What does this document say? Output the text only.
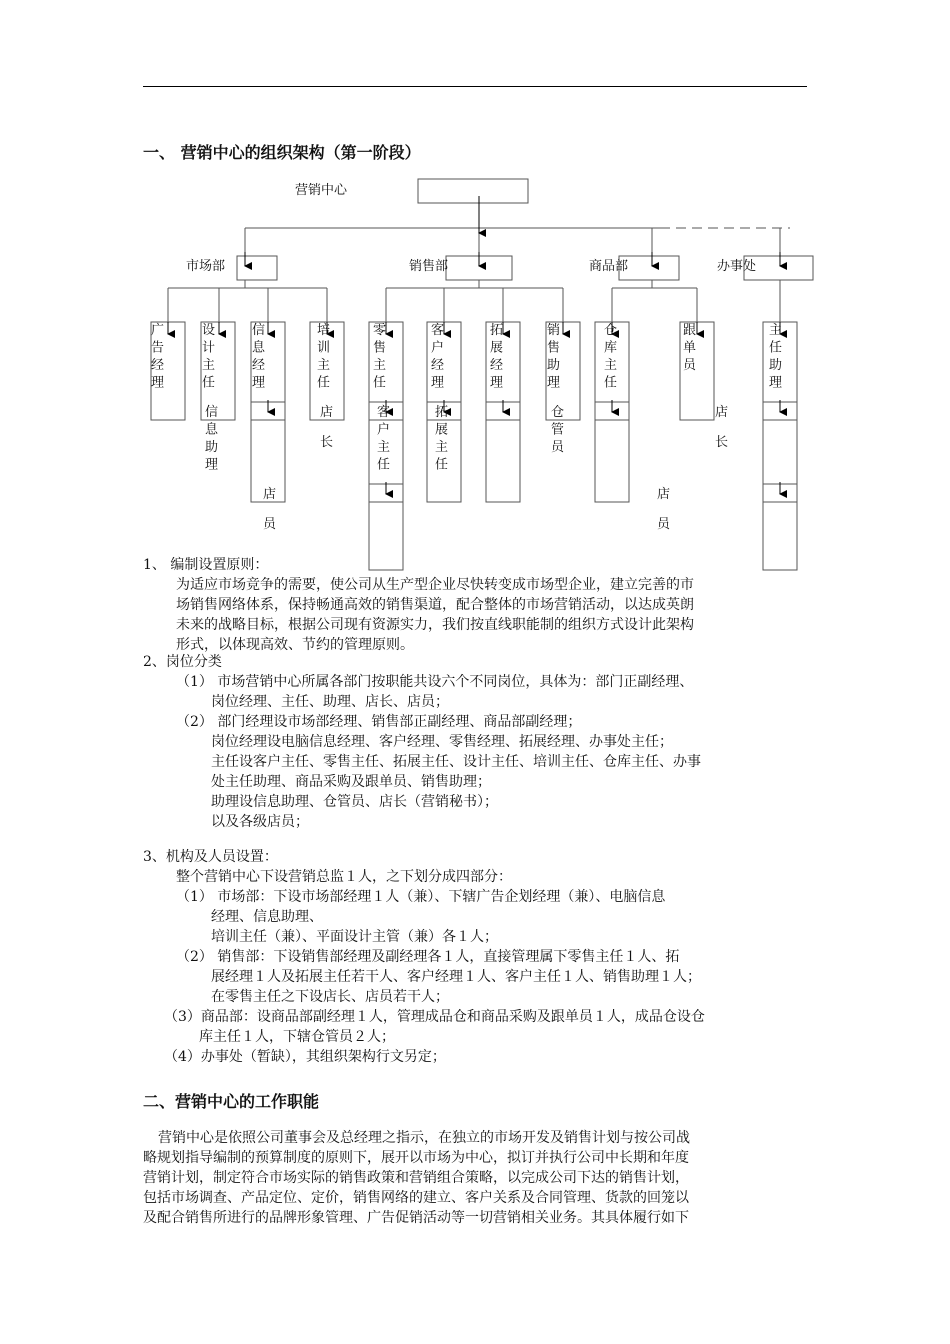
一、 营销中心的组织架构（第一阶段）
营销中心
市场部	销售部	商品部	办事处
广告经理
设计主任
信息经理
培训主任
零售主任
客户经理
拓展经理
销售助理
仓库主任
跟单员
主任助理
信息助理
店长
客户主任
拓展主任
仓管员
店长
店员
店员
1、 编制设置原则：
为适应市场竞争的需要，使公司从生产型企业尽快转变成市场型企业，建立完善的市
场销售网络体系，保持畅通高效的销售渠道，配合整体的市场营销活动，以达成英朗
未来的战略目标，根据公司现有资源实力，我们按直线职能制的组织方式设计此架构
形式，以体现高效、节约的管理原则。
2、岗位分类
（1） 市场营销中心所属各部门按职能共设六个不同岗位，具体为：部门正副经理、
岗位经理、主任、助理、店长、店员；
（2） 部门经理设市场部经理、销售部正副经理、商品部副经理；
岗位经理设电脑信息经理、客户经理、零售经理、拓展经理、办事处主任；
主任设客户主任、零售主任、拓展主任、设计主任、培训主任、仓库主任、办事
处主任助理、商品采购及跟单员、销售助理；
助理设信息助理、仓管员、店长（营销秘书）；
以及各级店员；
3、机构及人员设置：
整个营销中心下设营销总监１人，之下划分成四部分：
（1） 市场部：下设市场部经理１人（兼）、下辖广告企划经理（兼）、电脑信息
经理、信息助理、
培训主任（兼）、平面设计主管（兼）各１人；
（2） 销售部：下设销售部经理及副经理各１人，直接管理属下零售主任１人、拓
展经理１人及拓展主任若干人、客户经理１人、客户主任１人、销售助理１人；
在零售主任之下设店长、店员若干人；
（3）商品部：设商品部副经理１人，管理成品仓和商品采购及跟单员１人，成品仓设仓
库主任１人，下辖仓管员２人；
（4）办事处（暂缺），其组织架构行文另定；
二、营销中心的工作职能
营销中心是依照公司董事会及总经理之指示，在独立的市场开发及销售计划与按公司战
略规划指导编制的预算制度的原则下，展开以市场为中心，拟订并执行公司中长期和年度
营销计划，制定符合市场实际的销售政策和营销组合策略，以完成公司下达的销售计划，
包括市场调查、产品定位、定价，销售网络的建立、客户关系及合同管理、货款的回笼以
及配合销售所进行的品牌形象管理、广告促销活动等一切营销相关业务。其具体履行如下
